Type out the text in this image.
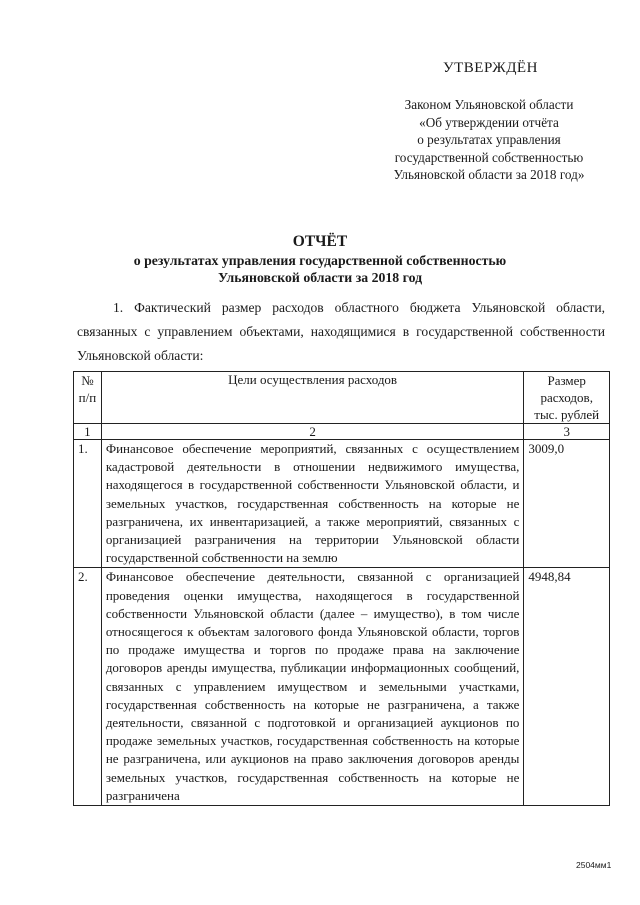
УТВЕРЖДЁН
Законом Ульяновской области
«Об утверждении отчёта
о результатах управления
государственной собственностью
Ульяновской области за 2018 год»
ОТЧЁТ
о результатах управления государственной собственностью
Ульяновской области за 2018 год
1. Фактический размер расходов областного бюджета Ульяновской области, связанных с управлением объектами, находящимися в государственной собственности Ульяновской области:
№ п/п	Цели осуществления расходов	Размер расходов, тыс. рублей
1	2	3
1.	Финансовое обеспечение мероприятий, связанных с осуществлением кадастровой деятельности в отношении недвижимого имущества, находящегося в государственной собственности Ульяновской области, и земельных участков, государственная собственность на которые не разграничена, их инвентаризацией, а также мероприятий, связанных с организацией разграничения на территории Ульяновской области государственной собственности на землю	3009,0
2.	Финансовое обеспечение деятельности, связанной с организацией проведения оценки имущества, находящегося в государственной собственности Ульяновской области (далее – имущество), в том числе относящегося к объектам залогового фонда Ульяновской области, торгов по продаже имущества и торгов по продаже права на заключение договоров аренды имущества, публикации информационных сообщений, связанных с управлением имуществом и земельными участками, государственная собственность на которые не разграничена, а также деятельности, связанной с подготовкой и организацией аукционов по продаже земельных участков, государственная собственность на которые не разграничена, или аукционов на право заключения договоров аренды земельных участков, государственная собственность на которые не разграничена	4948,84
2504мм1
